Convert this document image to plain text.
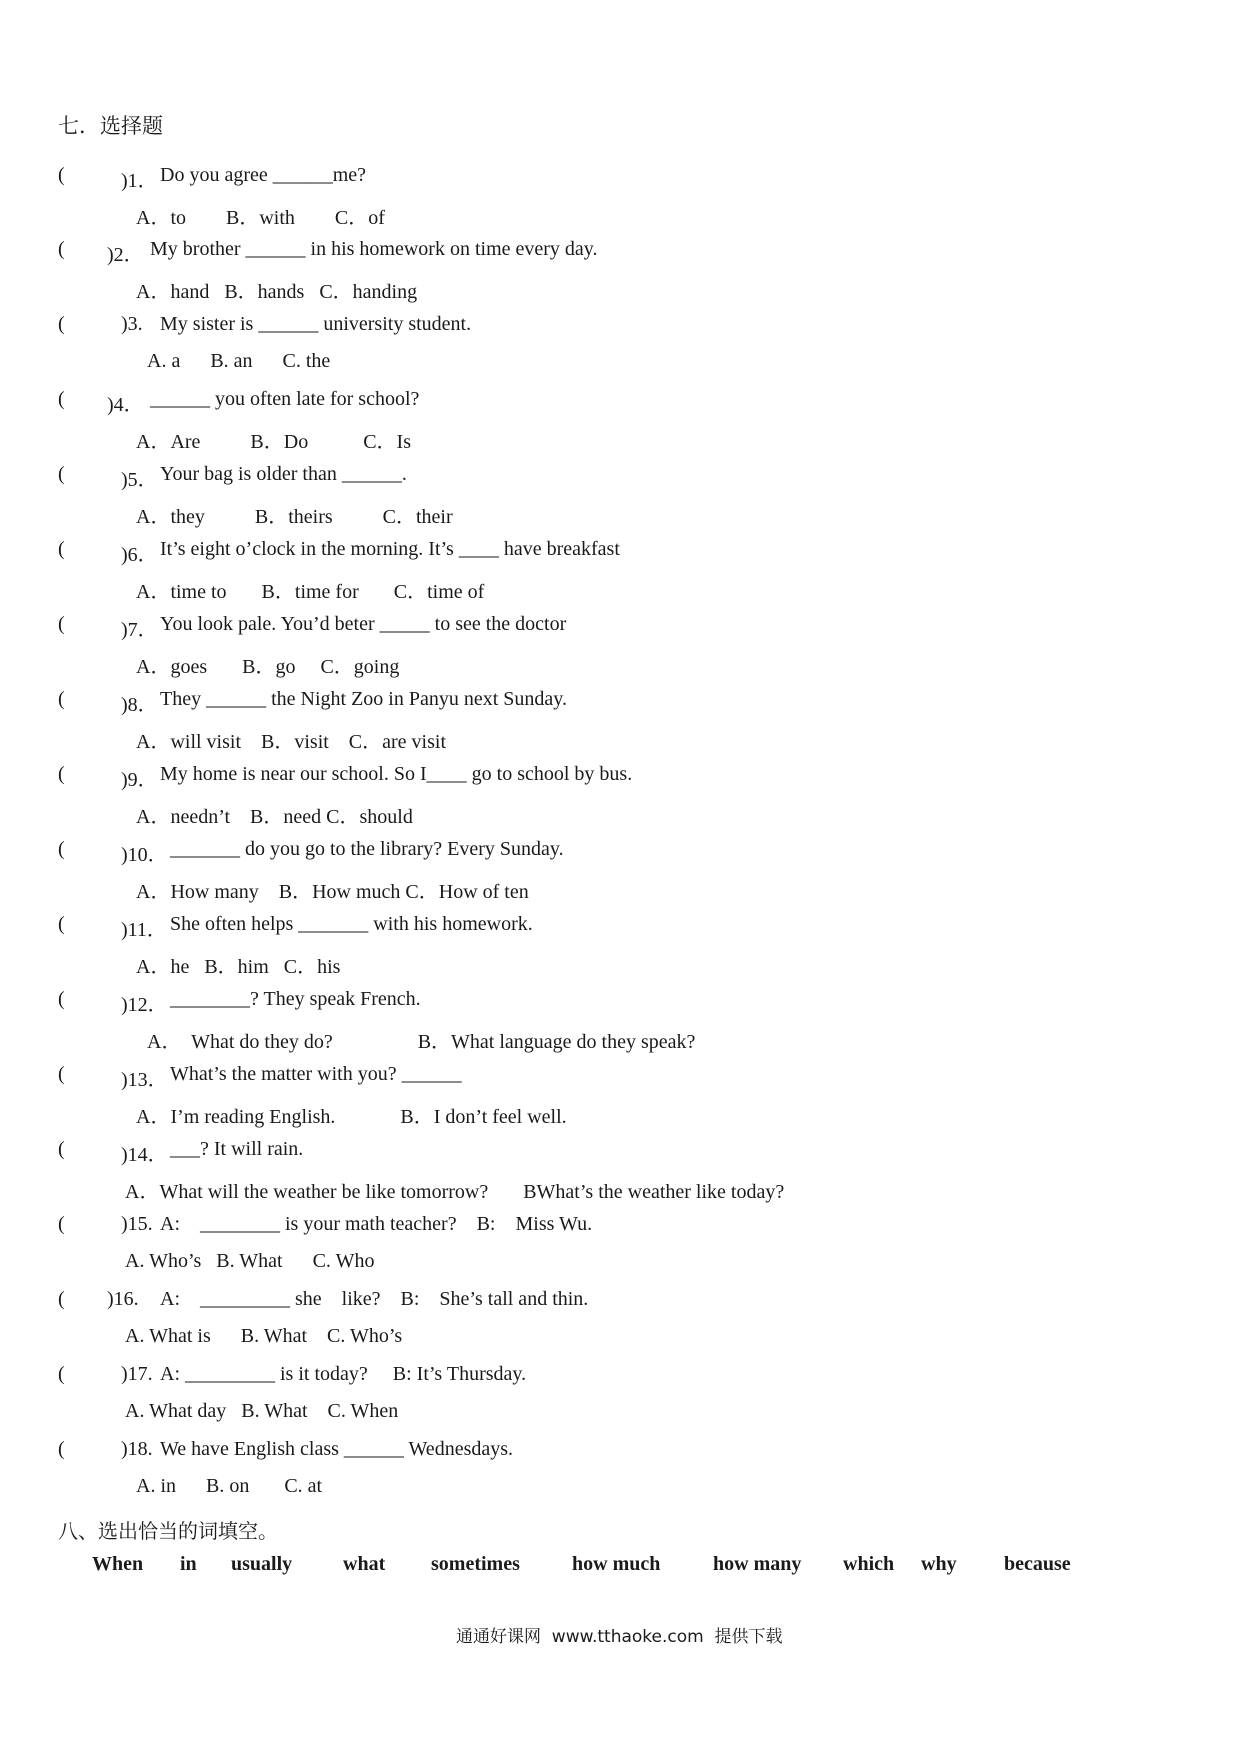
七．选择题
(	)1． Do you agree ______me?
A．to        B．with        C．of
( )2． My brother ______ in his homework on time every day.
A．hand   B．hands   C．handing
(	)3. My sister is ______ university student.
A. a      B. an      C. the
( )4． ______ you often late for school?
A．Are          B．Do           C．Is
(	)5． Your bag is older than ______.
A．they          B．theirs          C．their
(	)6． It’s eight o’clock in the morning. It’s ____ have breakfast
A．time to       B．time for       C．time of
(	)7． You look pale. You’d beter _____ to see the doctor
A．goes       B．go     C．going
(	)8． They ______ the Night Zoo in Panyu next Sunday.
A．will visit    B．visit    C．are visit
(	)9． My home is near our school. So I____ go to school by bus.
A．needn’t    B．need C．should
(	)10． _______ do you go to the library? Every Sunday.
A．How many    B．How much C．How of ten
(	)11． She often helps _______ with his homework.
A．he   B．him   C．his
(	)12． ________? They speak French.
A．  What do they do?                 B．What language do they speak?
(	)13． What’s the matter with you? ______
A．I’m reading English.             B．I don’t feel well.
(	)14． ___? It will rain.
A．What will the weather be like tomorrow?       BWhat’s the weather like today?
(	)15. A:    ________ is your math teacher?    B:    Miss Wu.
A. Who’s   B. What      C. Who
( )16. A:    _________ she    like?    B:    She’s tall and thin.
A. What is      B. What    C. Who’s
(	)17. A: _________ is it today?     B: It’s Thursday.
A. What day   B. What    C. When
(	)18. We have English class ______ Wednesdays.
A. in      B. on       C. at
八、选出恰当的词填空。
When in usually	what sometimes	how much	how many which why because
通通好课网  www.tthaoke.com  提供下载
